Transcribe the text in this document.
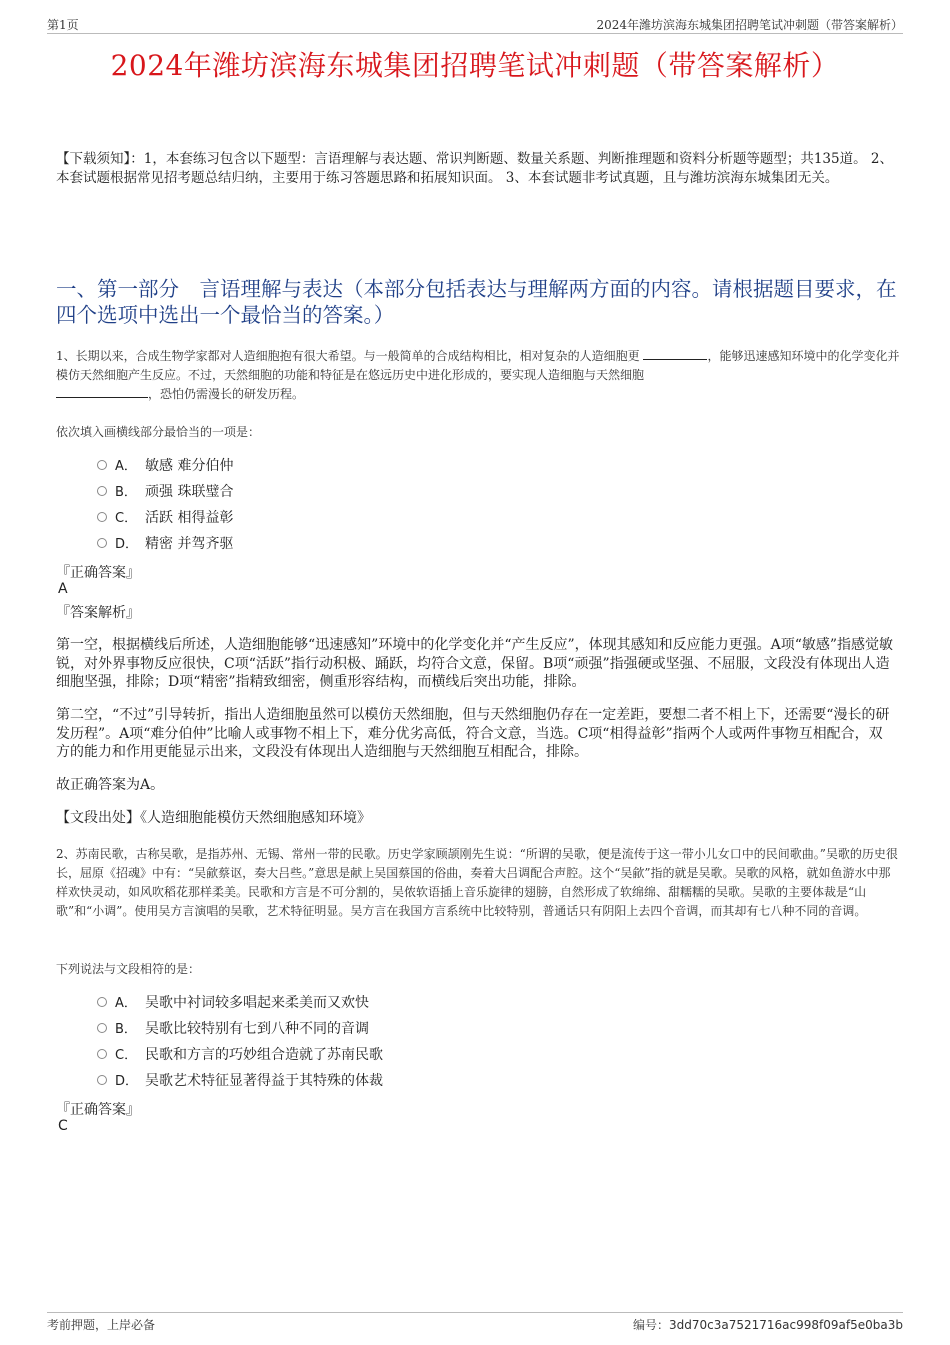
第1页	2024年潍坊滨海东城集团招聘笔试冲刺题（带答案解析）
2024年潍坊滨海东城集团招聘笔试冲刺题（带答案解析）
【下载须知】：1，本套练习包含以下题型：言语理解与表达题、常识判断题、数量关系题、判断推理题和资料分析题等题型；共135道。 2、本套试题根据常见招考题总结归纳，主要用于练习答题思路和拓展知识面。 3、本套试题非考试真题，且与潍坊滨海东城集团无关。
一、第一部分　言语理解与表达（本部分包括表达与理解两方面的内容。请根据题目要求，在四个选项中选出一个最恰当的答案。）
1、长期以来，合成生物学家都对人造细胞抱有很大希望。与一般简单的合成结构相比，相对复杂的人造细胞更	，能够迅速感知环境中的化学变化并模仿天然细胞产生反应。不过，天然细胞的功能和特征是在悠远历史中进化形成的，要实现人造细胞与天然细胞
，恐怕仍需漫长的研发历程。
依次填入画横线部分最恰当的一项是：
A． 敏感 难分伯仲
B． 顽强 珠联璧合
C． 活跃 相得益彰
D． 精密 并驾齐驱
『正确答案』
A
『答案解析』
第一空，根据横线后所述，人造细胞能够“迅速感知”环境中的化学变化并“产生反应”，体现其感知和反应能力更强。A项“敏感”指感觉敏锐，对外界事物反应很快，C项“活跃”指行动积极、踊跃，均符合文意，保留。B项“顽强”指强硬或坚强、不屈服，文段没有体现出人造细胞坚强，排除；D项“精密”指精致细密，侧重形容结构，而横线后突出功能，排除。
第二空，“不过”引导转折，指出人造细胞虽然可以模仿天然细胞，但与天然细胞仍存在一定差距，要想二者不相上下，还需要“漫长的研发历程”。A项“难分伯仲”比喻人或事物不相上下，难分优劣高低，符合文意，当选。C项“相得益彰”指两个人或两件事物互相配合，双方的能力和作用更能显示出来，文段没有体现出人造细胞与天然细胞互相配合，排除。
故正确答案为A。
【文段出处】《人造细胞能模仿天然细胞感知环境》
2、苏南民歌，古称吴歌，是指苏州、无锡、常州一带的民歌。历史学家顾颉刚先生说：“所谓的吴歌，便是流传于这一带小儿女口中的民间歌曲。”吴歌的历史很长，屈原《招魂》中有：“吴歈蔡讴，奏大吕些。”意思是献上吴国蔡国的俗曲，奏着大吕调配合声腔。这个“吴歈”指的就是吴歌。吴歌的风格，就如鱼游水中那样欢快灵动，如风吹稻花那样柔美。民歌和方言是不可分割的，吴侬软语插上音乐旋律的翅膀，自然形成了软绵绵、甜糯糯的吴歌。吴歌的主要体裁是“山歌”和“小调”。使用吴方言演唱的吴歌，艺术特征明显。吴方言在我国方言系统中比较特别，普通话只有阴阳上去四个音调，而其却有七八种不同的音调。
下列说法与文段相符的是：
A． 吴歌中衬词较多唱起来柔美而又欢快
B． 吴歌比较特别有七到八种不同的音调
C． 民歌和方言的巧妙组合造就了苏南民歌
D． 吴歌艺术特征显著得益于其特殊的体裁
『正确答案』
C
考前押题，上岸必备	编号：3dd70c3a7521716ac998f09af5e0ba3b
